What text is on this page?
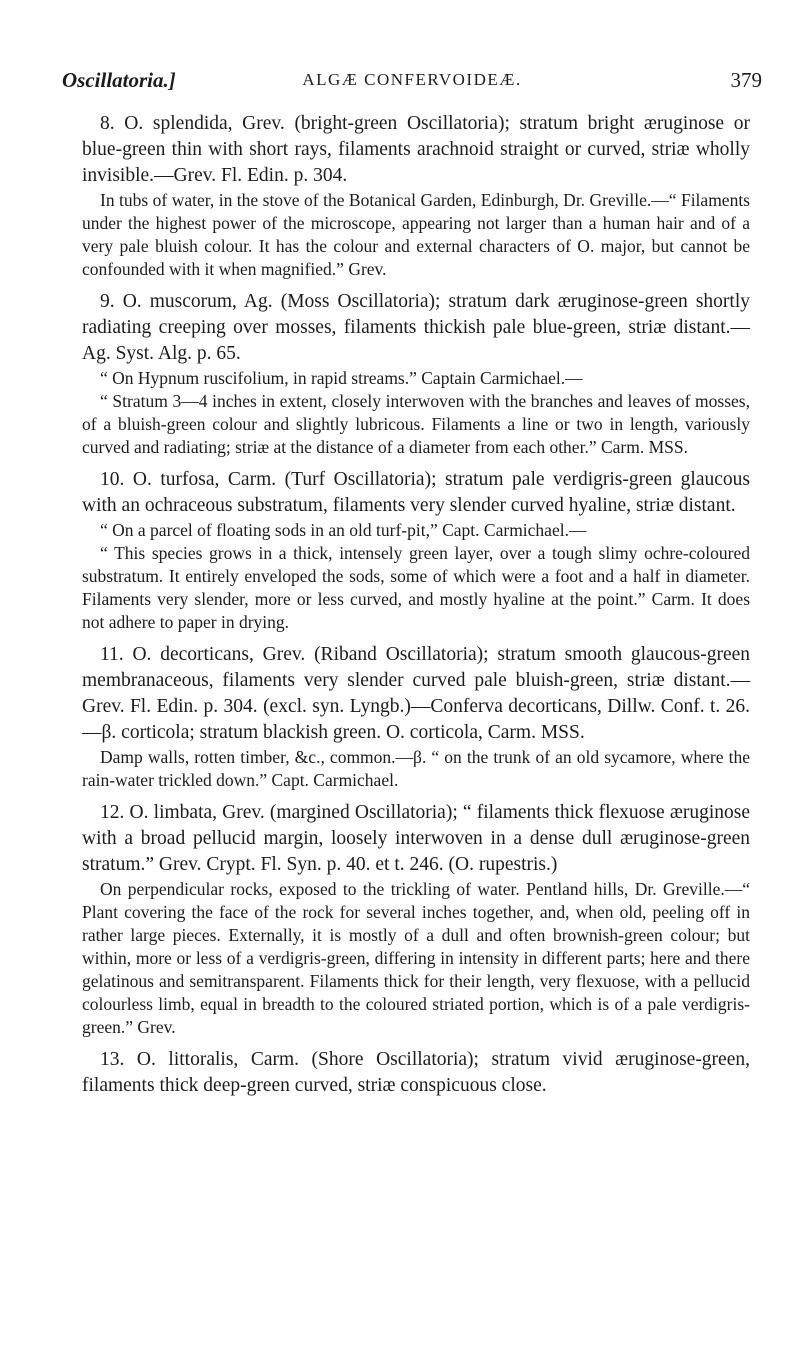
Oscillatoria.]	ALGÆ CONFERVOIDEÆ.	379

8. O. splendida, Grev. (bright-green Oscillatoria); stratum bright æruginose or blue-green thin with short rays, filaments arachnoid straight or curved, striæ wholly invisible.—Grev. Fl. Edin. p. 304.

In tubs of water, in the stove of the Botanical Garden, Edinburgh, Dr. Greville.—“ Filaments under the highest power of the microscope, appearing not larger than a human hair and of a very pale bluish colour. It has the colour and external characters of O. major, but cannot be confounded with it when magnified.” Grev.

9. O. muscorum, Ag. (Moss Oscillatoria); stratum dark æruginose-green shortly radiating creeping over mosses, filaments thickish pale blue-green, striæ distant.—Ag. Syst. Alg. p. 65.

“ On Hypnum ruscifolium, in rapid streams.” Captain Carmichael.—

“ Stratum 3—4 inches in extent, closely interwoven with the branches and leaves of mosses, of a bluish-green colour and slightly lubricous. Filaments a line or two in length, variously curved and radiating; striæ at the distance of a diameter from each other.” Carm. MSS.

10. O. turfosa, Carm. (Turf Oscillatoria); stratum pale verdigris-green glaucous with an ochraceous substratum, filaments very slender curved hyaline, striæ distant.

“ On a parcel of floating sods in an old turf-pit,” Capt. Carmichael.—

“ This species grows in a thick, intensely green layer, over a tough slimy ochre-coloured substratum. It entirely enveloped the sods, some of which were a foot and a half in diameter. Filaments very slender, more or less curved, and mostly hyaline at the point.” Carm. It does not adhere to paper in drying.

11. O. decorticans, Grev. (Riband Oscillatoria); stratum smooth glaucous-green membranaceous, filaments very slender curved pale bluish-green, striæ distant.—Grev. Fl. Edin. p. 304. (excl. syn. Lyngb.)—Conferva decorticans, Dillw. Conf. t. 26.—β. corticola; stratum blackish green. O. corticola, Carm. MSS.

Damp walls, rotten timber, &c., common.—β. “ on the trunk of an old sycamore, where the rain-water trickled down.” Capt. Carmichael.

12. O. limbata, Grev. (margined Oscillatoria); “ filaments thick flexuose æruginose with a broad pellucid margin, loosely interwoven in a dense dull æruginose-green stratum.” Grev. Crypt. Fl. Syn. p. 40. et t. 246. (O. rupestris.)

On perpendicular rocks, exposed to the trickling of water. Pentland hills, Dr. Greville.—“ Plant covering the face of the rock for several inches together, and, when old, peeling off in rather large pieces. Externally, it is mostly of a dull and often brownish-green colour; but within, more or less of a verdigris-green, differing in intensity in different parts; here and there gelatinous and semitransparent. Filaments thick for their length, very flexuose, with a pellucid colourless limb, equal in breadth to the coloured striated portion, which is of a pale verdigris-green.” Grev.

13. O. littoralis, Carm. (Shore Oscillatoria); stratum vivid æruginose-green, filaments thick deep-green curved, striæ conspicuous close.
